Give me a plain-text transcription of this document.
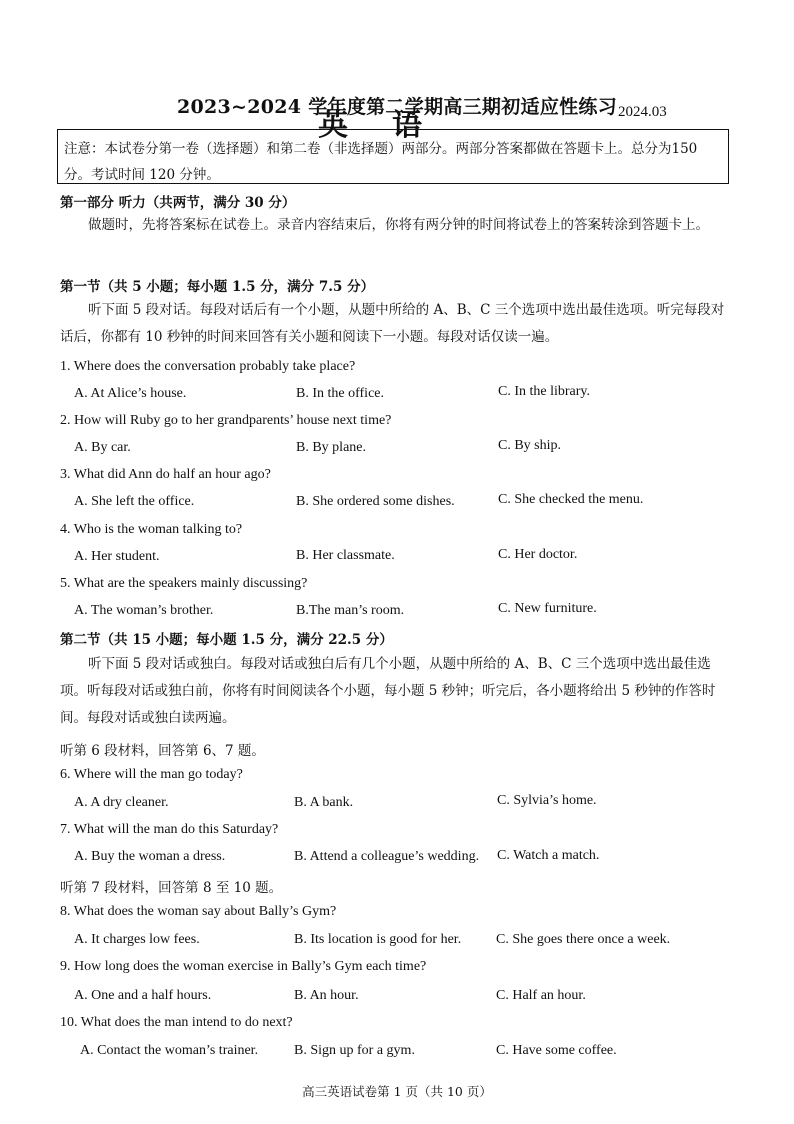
2023~2024 学年度第二学期高三期初适应性练习
英语	2024.03
注意：本试卷分第一卷（选择题）和第二卷（非选择题）两部分。两部分答案都做在答题卡上。总分为150分。考试时间 120 分钟。
第一部分 听力（共两节，满分 30 分）
做题时，先将答案标在试卷上。录音内容结束后，你将有两分钟的时间将试卷上的答案转涂到答题卡上。
第一节（共 5 小题；每小题 1.5 分，满分 7.5 分）
听下面 5 段对话。每段对话后有一个小题，从题中所给的 A、B、C 三个选项中选出最佳选项。听完每段对话后，你都有 10 秒钟的时间来回答有关小题和阅读下一小题。每段对话仅读一遍。
1. Where does the conversation probably take place?
A. At Alice’s house.	B. In the office.	C. In the library.
2. How will Ruby go to her grandparents’ house next time?
A. By car.	B. By plane.	C. By ship.
3. What did Ann do half an hour ago?
A. She left the office.	B. She ordered some dishes.	C. She checked the menu.
4. Who is the woman talking to?
A. Her student.	B. Her classmate.	C. Her doctor.
5. What are the speakers mainly discussing?
A. The woman’s brother.	B.The man’s room.	C. New furniture.
第二节（共 15 小题；每小题 1.5 分，满分 22.5 分）
听下面 5 段对话或独白。每段对话或独白后有几个小题，从题中所给的 A、B、C 三个选项中选出最佳选项。听每段对话或独白前，你将有时间阅读各个小题，每小题 5 秒钟；听完后，各小题将给出 5 秒钟的作答时间。每段对话或独白读两遍。
听第 6 段材料，回答第 6、7 题。
6. Where will the man go today?
A. A dry cleaner.	B. A bank.	C. Sylvia’s home.
7. What will the man do this Saturday?
A. Buy the woman a dress.	B. Attend a colleague’s wedding. C. Watch a match.
听第 7 段材料，回答第 8 至 10 题。
8. What does the woman say about Bally’s Gym?
A. It charges low fees.	B. Its location is good for her. C. She goes there once a week.
9. How long does the woman exercise in Bally’s Gym each time?
A. One and a half hours.	B. An hour.	C. Half an hour.
10. What does the man intend to do next?
A. Contact the woman’s trainer.	B. Sign up for a gym.	C. Have some coffee.
高三英语试卷第 1 页（共 10 页）
